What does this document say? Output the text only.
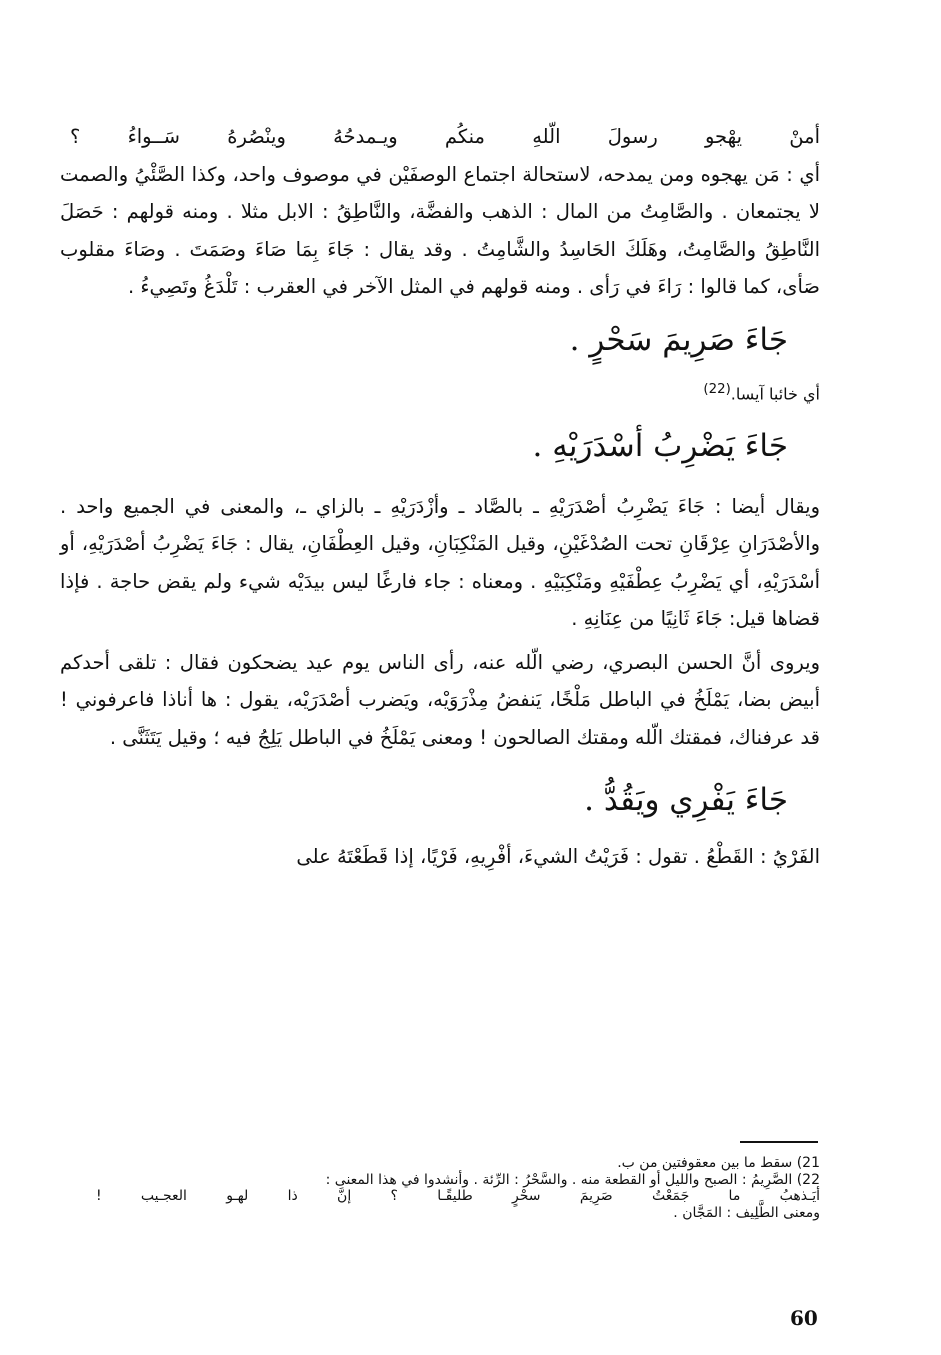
أمنْ يهْجو رسولَ الّلهِ منكُم ويـمدحُهُ وينْصُرهُ سَــواءُ ؟

أي : مَن يهجوه ومن يمدحه، لاستحالة اجتماع الوصفَيْن في موصوف واحد، وكذا الصَّئْيُ والصمت لا يجتمعان . والصَّامِتُ من المال : الذهب والفضَّة، والنَّاطِقُ : الابل مثلا . ومنه قولهم : حَصَلَ النَّاطِقُ والصَّامِتُ، وهَلَكَ الحَاسِدُ والشَّامِتُ . وقد يقال : جَاءَ بِمَا صَاءَ وصَمَتَ . وصَاءَ مقلوب صَأى، كما قالوا : رَاءَ في رَأى . ومنه قولهم في المثل الآخر في العقرب : تَلْدَغُ وتَصِيءُ .

جَاءَ صَرِيمَ سَحْرٍ .

أي خائبا آيسا.$^{(22)}$

جَاءَ يَضْرِبُ أسْدَرَيْهِ .

ويقال أيضا : جَاءَ يَضْرِبُ أصْدَرَيْهِ ـ بالصَّاد ـ وأزْدَرَيْهِ ـ بالزاي ـ، والمعنى في الجميع واحد . والأصْدَرَانِ عِرْقَانِ تحت الصُدْغَيْنِ، وقيل المَنْكِبَانِ، وقيل العِطْفَانِ، يقال : جَاءَ يَضْرِبُ أصْدَرَيْهِ، أو أسْدَرَيْهِ، أي يَضْرِبُ عِطْفَيْهِ ومَنْكِبَيْهِ . ومعناه : جاء فارغًا ليس بيدَيْه شيء ولم يقض حاجة . فإذا قضاها قيل: جَاءَ ثَانِيًا من عِنَانِهِ .

ويروى أنَّ الحسن البصري، رضي الّله عنه، رأى الناس يوم عيد يضحكون فقال : تلقى أحدكم أبيض بضا، يَمْلَخُ في الباطل مَلْخًا، يَنفضُ مِذْرَوَيْه، ويَضرب أصْدَرَيْه، يقول : ها أناذا فاعرفوني ! قد عرفناك، فمقتك الّله ومقتك الصالحون ! ومعنى يَمْلَخُ في الباطل يَلِجُ فيه ؛ وقيل يَتَثَنَّى .

جَاءَ يَفْرِي ويَقُدُّ .

الفَرْيُ : القَطْعُ . تقول : فَرَيْتُ الشيءَ، أفْرِيهِ، فَرْيًا، إذا قَطَعْتَهُ على

21) سقط ما بين معقوفتين من ب.

22) الصَّرِيمُ : الصبح والليل أو القطعة منه . والسَّحْرُ : الرِّئة . وأنشدوا في هذا المعنى :

أيَـذهبُ ما جَمَعْتُ صَرِيمَ سحْرٍ طليقًـا ؟ إنَّ ذا لهـو العجـيب !

ومعنى الطَّلِيف : المَجَّان .

60
